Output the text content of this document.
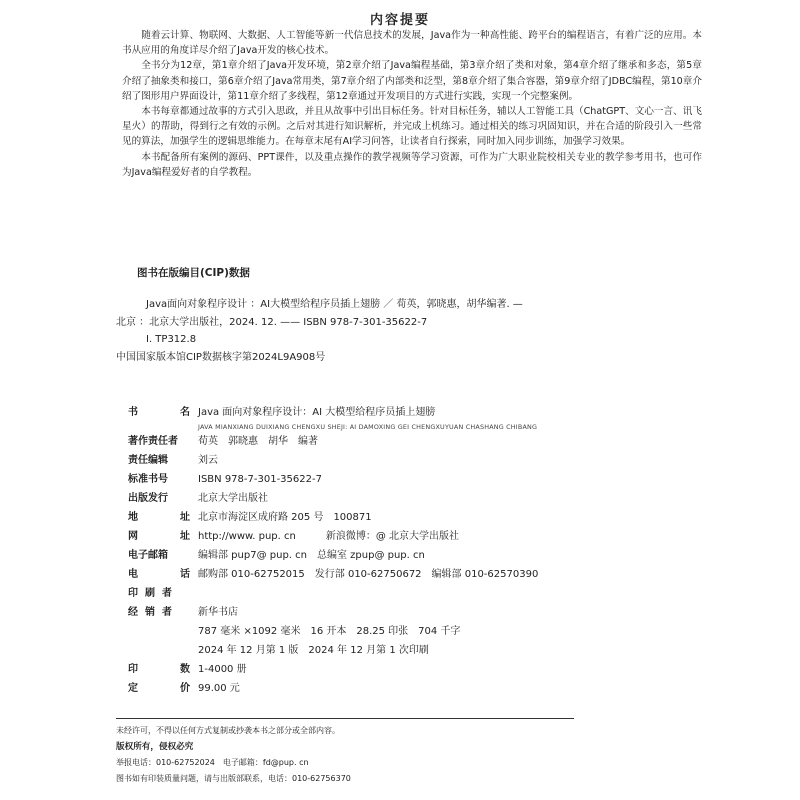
内容提要

随着云计算、物联网、大数据、人工智能等新一代信息技术的发展，Java作为一种高性能、跨平台的编程语言，有着广泛的应用。本书从应用的角度详尽介绍了Java开发的核心技术。

全书分为12章，第1章介绍了Java开发环境，第2章介绍了Java编程基础，第3章介绍了类和对象，第4章介绍了继承和多态，第5章介绍了抽象类和接口，第6章介绍了Java常用类，第7章介绍了内部类和泛型，第8章介绍了集合容器，第9章介绍了JDBC编程，第10章介绍了图形用户界面设计，第11章介绍了多线程，第12章通过开发项目的方式进行实践，实现一个完整案例。

本书每章都通过故事的方式引入思政，并且从故事中引出目标任务。针对目标任务，辅以人工智能工具（ChatGPT、文心一言、讯飞星火）的帮助，得到行之有效的示例。之后对其进行知识解析，并完成上机练习。通过相关的练习巩固知识，并在合适的阶段引入一些常见的算法，加强学生的逻辑思维能力。在每章末尾有AI学习问答，让读者自行探索，同时加入同步训练，加强学习效果。

本书配备所有案例的源码、PPT课件，以及重点操作的教学视频等学习资源，可作为广大职业院校相关专业的教学参考用书，也可作为Java编程爱好者的自学教程。

图书在版编目(CIP)数据
Java面向对象程序设计 ：AI大模型给程序员插上翅膀 ／ 荀英，郭晓惠，胡华编著. —
北京 ：北京大学出版社，2024. 12. —— ISBN 978-7-301-35622-7
Ⅰ. TP312.8
中国国家版本馆CIP数据核字第2024L9A908号
书	名 Java 面向对象程序设计：AI 大模型给程序员插上翅膀
JAVA MIANXIANG DUIXIANG CHENGXU SHEJI: AI DAMOXING GEI CHENGXUYUAN CHASHANG CHIBANG
著作责任者	荀英　郭晓惠　胡华　编著
责任编辑	刘云
标准书号	ISBN 978-7-301-35622-7
出版发行	北京大学出版社
地	址 北京市海淀区成府路 205 号　100871
网	址 http://www. pup. cn　　　新浪微博：@ 北京大学出版社
电子邮箱	编辑部 pup7@ pup. cn　总编室 zpup@ pup. cn
电	话 邮购部 010-62752015　发行部 010-62750672　编辑部 010-62570390
印刷者
经销者	新华书店
787 毫米 ×1092 毫米　16 开本　28.25 印张　704 千字
2024 年 12 月第 1 版　2024 年 12 月第 1 次印刷
印	数 1-4000 册
定	价 99.00 元
未经许可，不得以任何方式复制或抄袭本书之部分或全部内容。
版权所有，侵权必究
举报电话：010-62752024　电子邮箱：fd@pup. cn
图书如有印装质量问题，请与出版部联系，电话：010-62756370
